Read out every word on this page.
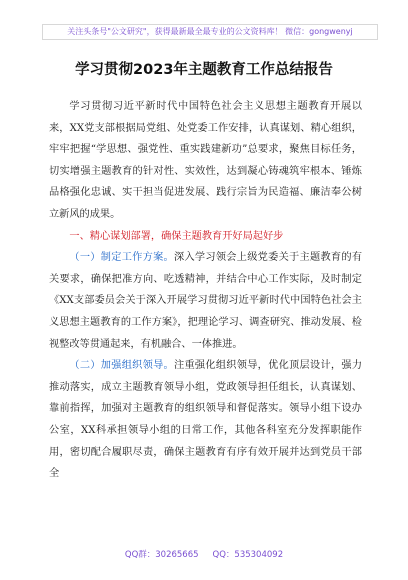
关注头条号"公文研究"，获得最新最全最专业的公文资料库！ 微信：gongwenyj
学习贯彻2023年主题教育工作总结报告

学习贯彻习近平新时代中国特色社会主义思想主题教育开展以来，XX党支部根据局党组、处党委工作安排，认真谋划、精心组织，牢牢把握“学思想、强党性、重实践建新功”总要求，聚焦目标任务，切实增强主题教育的针对性、实效性，达到凝心铸魂筑牢根本、锤炼品格强化忠诚、实干担当促进发展、践行宗旨为民造福、廉洁奉公树立新风的成果。

一、精心谋划部署，确保主题教育开好局起好步

（一）制定工作方案。深入学习领会上级党委关于主题教育的有关要求，确保把准方向、吃透精神，并结合中心工作实际，及时制定《XX支部委员会关于深入开展学习贯彻习近平新时代中国特色社会主义思想主题教育的工作方案》，把理论学习、调查研究、推动发展、检视整改等贯通起来，有机融合、一体推进。

（二）加强组织领导。注重强化组织领导，优化顶层设计，强力推动落实，成立主题教育领导小组，党政领导担任组长，认真谋划、靠前指挥，加强对主题教育的组织领导和督促落实。领导小组下设办公室，XX科承担领导小组的日常工作，其他各科室充分发挥职能作用，密切配合履职尽责，确保主题教育有序有效开展并达到党员干部全

QQ群：30265665 QQ：535304092
